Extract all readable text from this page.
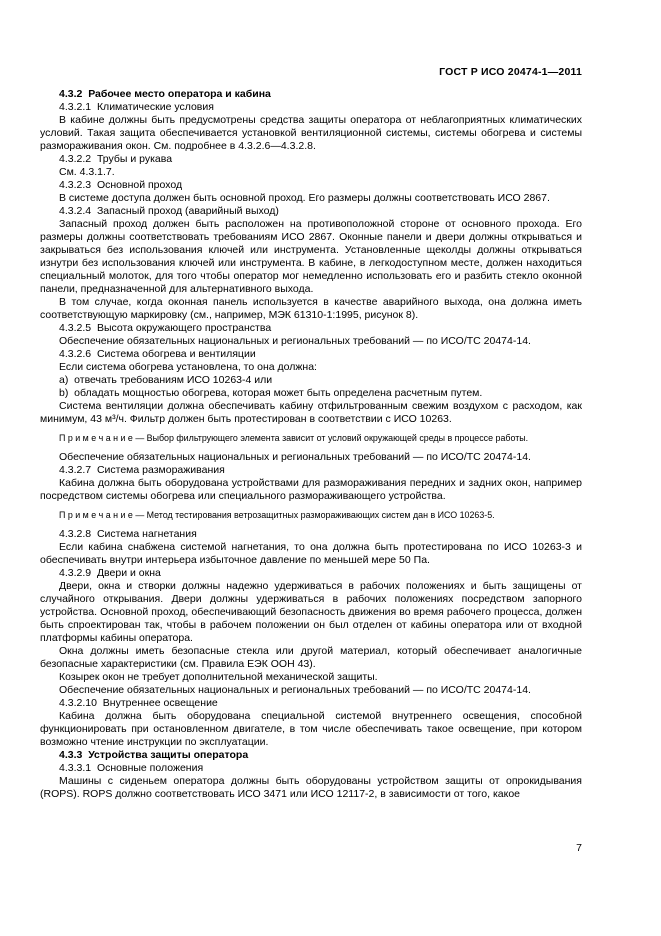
ГОСТ Р ИСО 20474-1—2011

4.3.2  Рабочее место оператора и кабина

4.3.2.1  Климатические условия

В кабине должны быть предусмотрены средства защиты оператора от неблагоприятных климатических условий. Такая защита обеспечивается установкой вентиляционной системы, системы обогрева и системы размораживания окон. См. подробнее в 4.3.2.6—4.3.2.8.

4.3.2.2  Трубы и рукава

См. 4.3.1.7.

4.3.2.3  Основной проход

В системе доступа должен быть основной проход. Его размеры должны соответствовать ИСО 2867.

4.3.2.4  Запасный проход (аварийный выход)

Запасный проход должен быть расположен на противоположной стороне от основного прохода. Его размеры должны соответствовать требованиям ИСО 2867. Оконные панели и двери должны открываться и закрываться без использования ключей или инструмента. Установленные щеколды должны открываться изнутри без использования ключей или инструмента. В кабине, в легкодоступном месте, должен находиться специальный молоток, для того чтобы оператор мог немедленно использовать его и разбить стекло оконной панели, предназначенной для альтернативного выхода.

В том случае, когда оконная панель используется в качестве аварийного выхода, она должна иметь соответствующую маркировку (см., например, МЭК 61310-1:1995, рисунок 8).

4.3.2.5  Высота окружающего пространства

Обеспечение обязательных национальных и региональных требований — по ИСО/ТС 20474-14.

4.3.2.6  Система обогрева и вентиляции

Если система обогрева установлена, то она должна:

a)  отвечать требованиям ИСО 10263-4 или

b)  обладать мощностью обогрева, которая может быть определена расчетным путем.

Система вентиляции должна обеспечивать кабину отфильтрованным свежим воздухом с расходом, как минимум, 43 м³/ч. Фильтр должен быть протестирован в соответствии с ИСО 10263.

П р и м е ч а н и е — Выбор фильтрующего элемента зависит от условий окружающей среды в процессе работы.

Обеспечение обязательных национальных и региональных требований — по ИСО/ТС 20474-14.

4.3.2.7  Система размораживания

Кабина должна быть оборудована устройствами для размораживания передних и задних окон, например посредством системы обогрева или специального размораживающего устройства.

П р и м е ч а н и е — Метод тестирования ветрозащитных размораживающих систем дан в ИСО 10263-5.

4.3.2.8  Система нагнетания

Если кабина снабжена системой нагнетания, то она должна быть протестирована по ИСО 10263-3 и обеспечивать внутри интерьера избыточное давление по меньшей мере 50 Па.

4.3.2.9  Двери и окна

Двери, окна и створки должны надежно удерживаться в рабочих положениях и быть защищены от случайного открывания. Двери должны удерживаться в рабочих положениях посредством запорного устройства. Основной проход, обеспечивающий безопасность движения во время рабочего процесса, должен быть спроектирован так, чтобы в рабочем положении он был отделен от кабины оператора или от входной платформы кабины оператора.

Окна должны иметь безопасные стекла или другой материал, который обеспечивает аналогичные безопасные характеристики (см. Правила ЕЭК ООН 43).

Козырек окон не требует дополнительной механической защиты.

Обеспечение обязательных национальных и региональных требований — по ИСО/ТС 20474-14.

4.3.2.10  Внутреннее освещение

Кабина должна быть оборудована специальной системой внутреннего освещения, способной функционировать при остановленном двигателе, в том числе обеспечивать такое освещение, при котором возможно чтение инструкции по эксплуатации.

4.3.3  Устройства защиты оператора

4.3.3.1  Основные положения

Машины с сиденьем оператора должны быть оборудованы устройством защиты от опрокидывания (ROPS). ROPS должно соответствовать ИСО 3471 или ИСО 12117-2, в зависимости от того, какое

7
